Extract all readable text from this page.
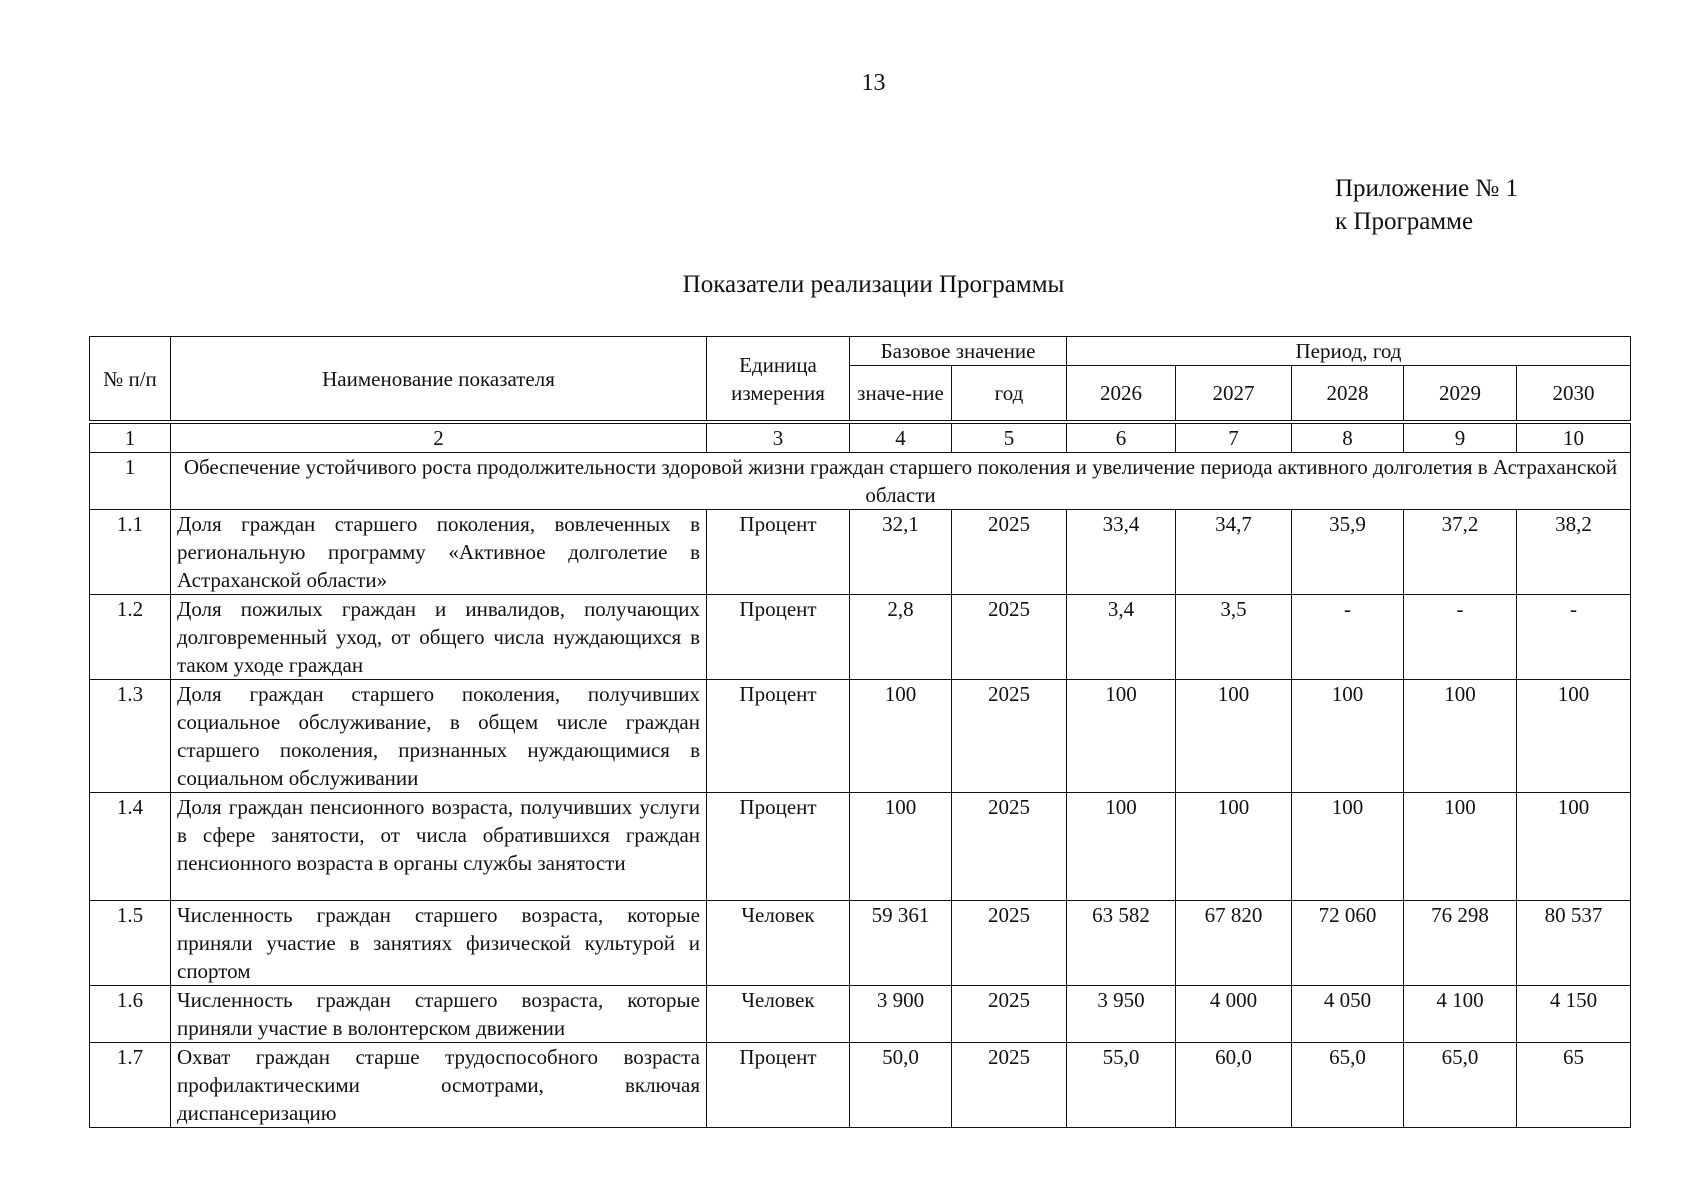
13
Приложение № 1
к Программе
Показатели реализации Программы
№ п/п	Наименование показателя	Единица измерения	Базовое значение		Период, год				
			значе-ние	год	2026	2027	2028	2029	2030
1	2	3	4	5	6	7	8	9	10
1	Обеспечение устойчивого роста продолжительности здоровой жизни граждан старшего поколения и увеличение периода активного долголетия в Астраханской области								
1.1	Доля граждан старшего поколения, вовлеченных в региональную программу «Активное долголетие в Астраханской области»	Процент	32,1	2025	33,4	34,7	35,9	37,2	38,2
1.2	Доля пожилых граждан и инвалидов, получающих долговременный уход, от общего числа нуждающихся в таком уходе граждан	Процент	2,8	2025	3,4	3,5	-	-	-
1.3	Доля граждан старшего поколения, получивших социальное обслуживание, в общем числе граждан старшего поколения, признанных нуждающимися в социальном обслуживании	Процент	100	2025	100	100	100	100	100
1.4	Доля граждан пенсионного возраста, получивших услуги в сфере занятости, от числа обратившихся граждан пенсионного возраста в органы службы занятости	Процент	100	2025	100	100	100	100	100
1.5	Численность граждан старшего возраста, которые приняли участие в занятиях физической культурой и спортом	Человек	59 361	2025	63 582	67 820	72 060	76 298	80 537
1.6	Численность граждан старшего возраста, которые приняли участие в волонтерском движении	Человек	3 900	2025	3 950	4 000	4 050	4 100	4 150
1.7	Охват граждан старше трудоспособного возраста профилактическими осмотрами, включая диспансеризацию	Процент	50,0	2025	55,0	60,0	65,0	65,0	65
